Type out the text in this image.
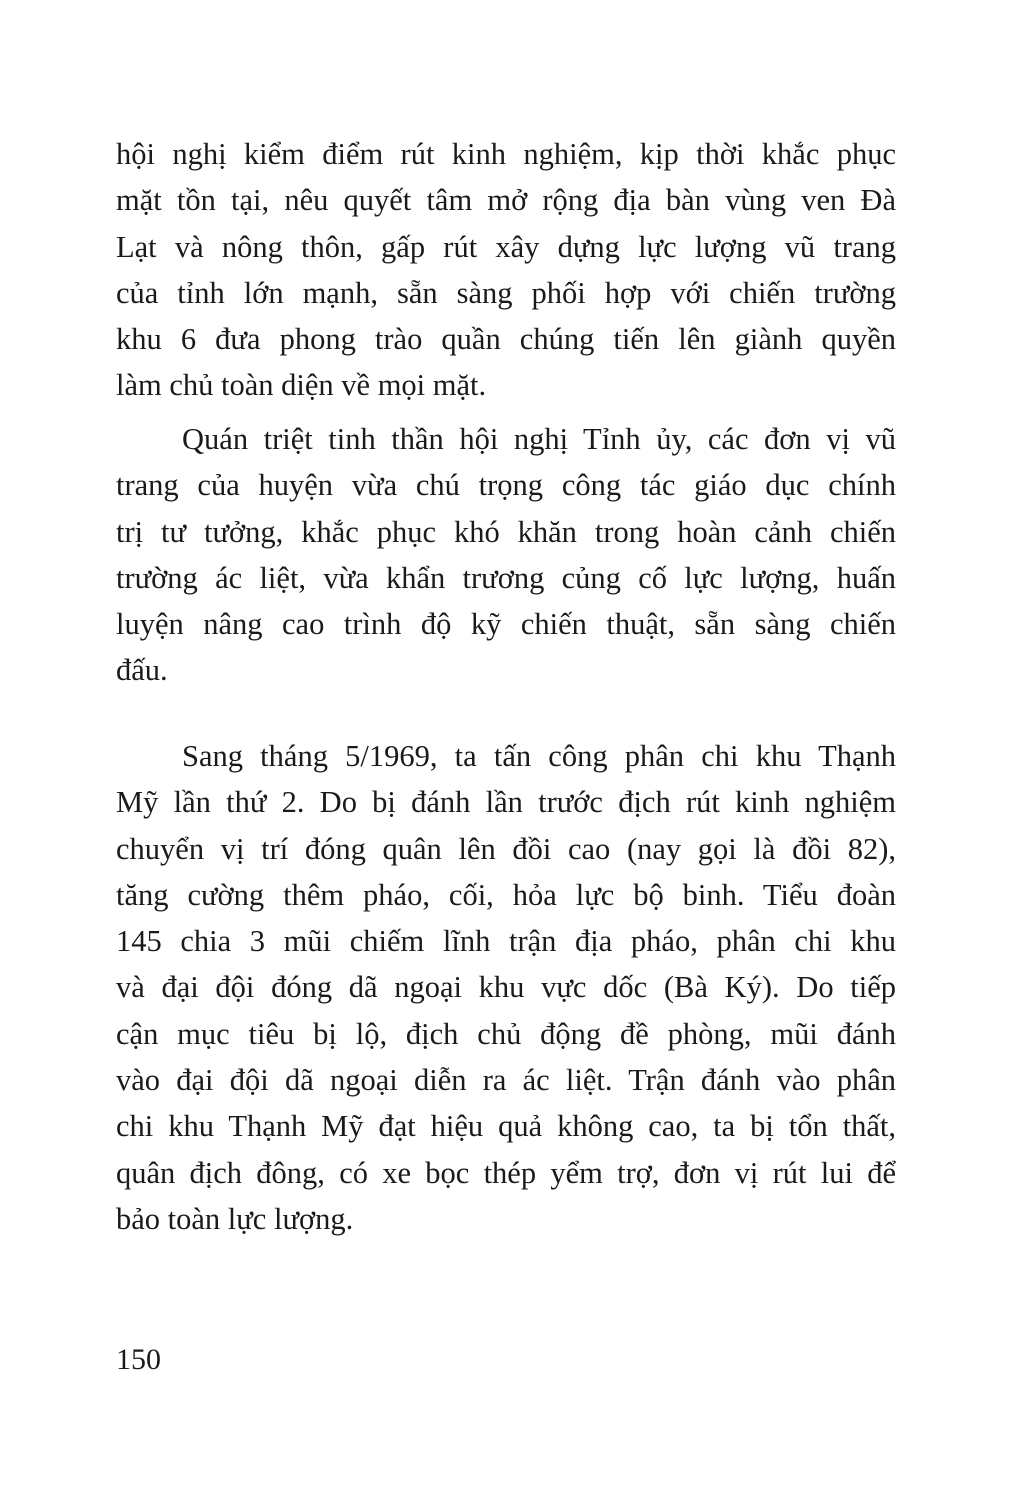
hội nghị kiểm điểm rút kinh nghiệm, kịp thời khắc phục
mặt tồn tại, nêu quyết tâm mở rộng địa bàn vùng ven Đà
Lạt và nông thôn, gấp rút xây dựng lực lượng vũ trang
của tỉnh lớn mạnh, sẵn sàng phối hợp với chiến trường
khu 6 đưa phong trào quần chúng tiến lên giành quyền
làm chủ toàn diện về mọi mặt.
Quán triệt tinh thần hội nghị Tỉnh ủy, các đơn vị vũ
trang của huyện vừa chú trọng công tác giáo dục chính
trị tư tưởng, khắc phục khó khăn trong hoàn cảnh chiến
trường ác liệt, vừa khẩn trương củng cố lực lượng, huấn
luyện nâng cao trình độ kỹ chiến thuật, sẵn sàng chiến
đấu.
Sang tháng 5/1969, ta tấn công phân chi khu Thạnh
Mỹ lần thứ 2. Do bị đánh lần trước địch rút kinh nghiệm
chuyển vị trí đóng quân lên đồi cao (nay gọi là đồi 82),
tăng cường thêm pháo, cối, hỏa lực bộ binh. Tiểu đoàn
145 chia 3 mũi chiếm lĩnh trận địa pháo, phân chi khu
và đại đội đóng dã ngoại khu vực dốc (Bà Ký). Do tiếp
cận mục tiêu bị lộ, địch chủ động đề phòng, mũi đánh
vào đại đội dã ngoại diễn ra ác liệt. Trận đánh vào phân
chi khu Thạnh Mỹ đạt hiệu quả không cao, ta bị tổn thất,
quân địch đông, có xe bọc thép yểm trợ, đơn vị rút lui để
bảo toàn lực lượng.
150
